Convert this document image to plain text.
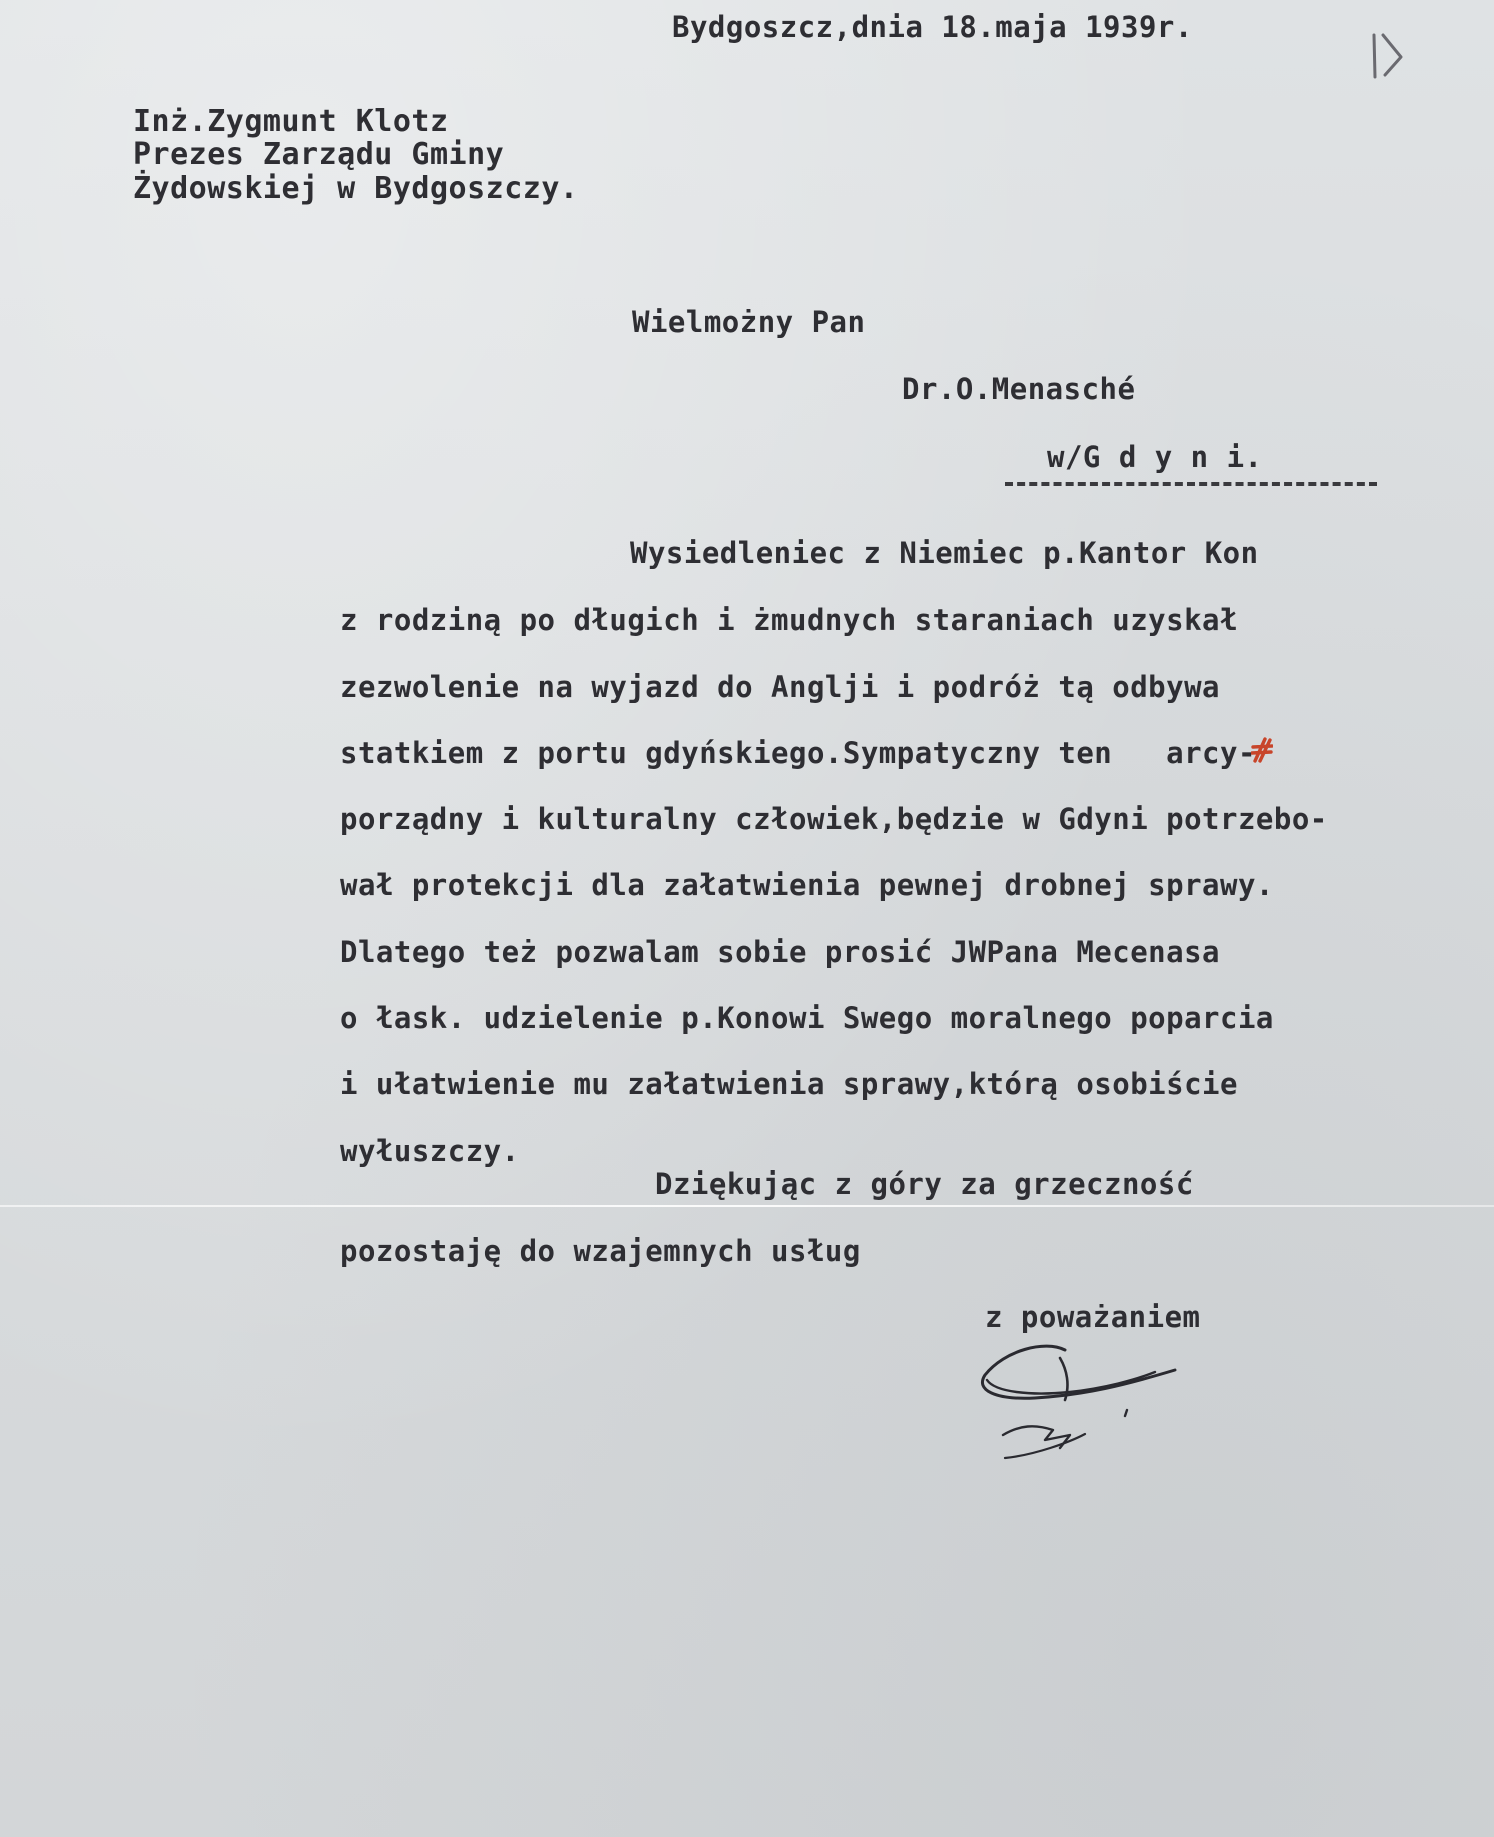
Bydgoszcz,dnia 18.maja 1939r.	1
Inż.Zygmunt Klotz
Prezes Zarządu Gminy
Żydowskiej w Bydgoszczy.
Wielmożny Pan
Dr.O.Menasché
w/G d y n i.
Wysiedleniec z Niemiec p.Kantor Kon
z rodziną po długich i żmudnych staraniach uzyskał
zezwolenie na wyjazd do Anglji i podróż tą odbywa
statkiem z portu gdyńskiego.Sympatyczny ten   arcy-
porządny i kulturalny człowiek,będzie w Gdyni potrzebo-
wał protekcji dla załatwienia pewnej drobnej sprawy.
Dlatego też pozwalam sobie prosić JWPana Mecenasa
o łask. udzielenie p.Konowi Swego moralnego poparcia
i ułatwienie mu załatwienia sprawy,którą osobiście
wyłuszczy.
Dziękując z góry za grzeczność
pozostaję do wzajemnych usług
z poważaniem
